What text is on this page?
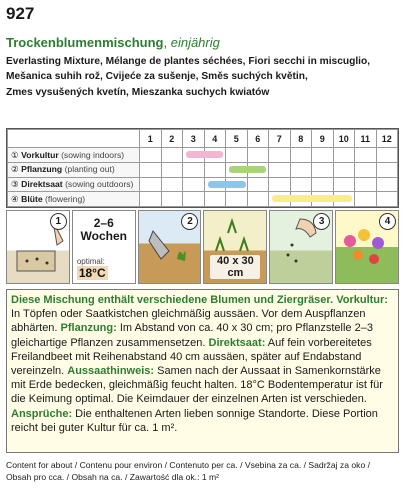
927
Trockenblumenmischung, einjährig
Everlasting Mixture, Mélange de plantes séchées, Fiori secchi in miscuglio,
Mešanica suhih rož, Cvijeće za sušenje, Směs suchých květin,
Zmes vysušených kvetín, Mieszanka suchych kwiatów
	1	2	3	4	5	6	7	8	9	10	11	12
① Vorkultur (sowing indoors)			

② Pflanzung (planting out)					

③ Direktsaat (sowing outdoors)				

④ Blüte (flowering)							

1	2–6
Wochen
optimal: 18°C
2
40 x 30 cm
3	4

Diese Mischung enthält verschiedene Blumen und Ziergräser. Vorkultur: In Töpfen oder Saatkistchen gleichmäßig aussäen. Vor dem Auspflanzen abhärten. Pflanzung: Im Abstand von ca. 40 x 30 cm; pro Pflanzstelle 2–3 gleichartige Pflanzen zusammensetzen. Direktsaat: Auf fein vorbereitetes Freilandbeet mit Reihenabstand 40 cm aussäen, später auf Endabstand vereinzeln. Aussaathinweis: Samen nach der Aussaat in Samenkornstärke mit Erde bedecken, gleichmäßig feucht halten. 18°C Bodentemperatur ist für die Keimung optimal. Die Keimdauer der einzelnen Arten ist verschieden. Ansprüche: Die enthaltenen Arten lieben sonnige Standorte. Diese Portion reicht bei guter Kultur für ca. 1 m².

Content for about / Contenu pour environ / Contenuto per ca. / Vsebina za ca. / Sadržaj za oko /
Obsah pro cca. / Obsah na ca. / Zawartość dla ok.: 1 m²
